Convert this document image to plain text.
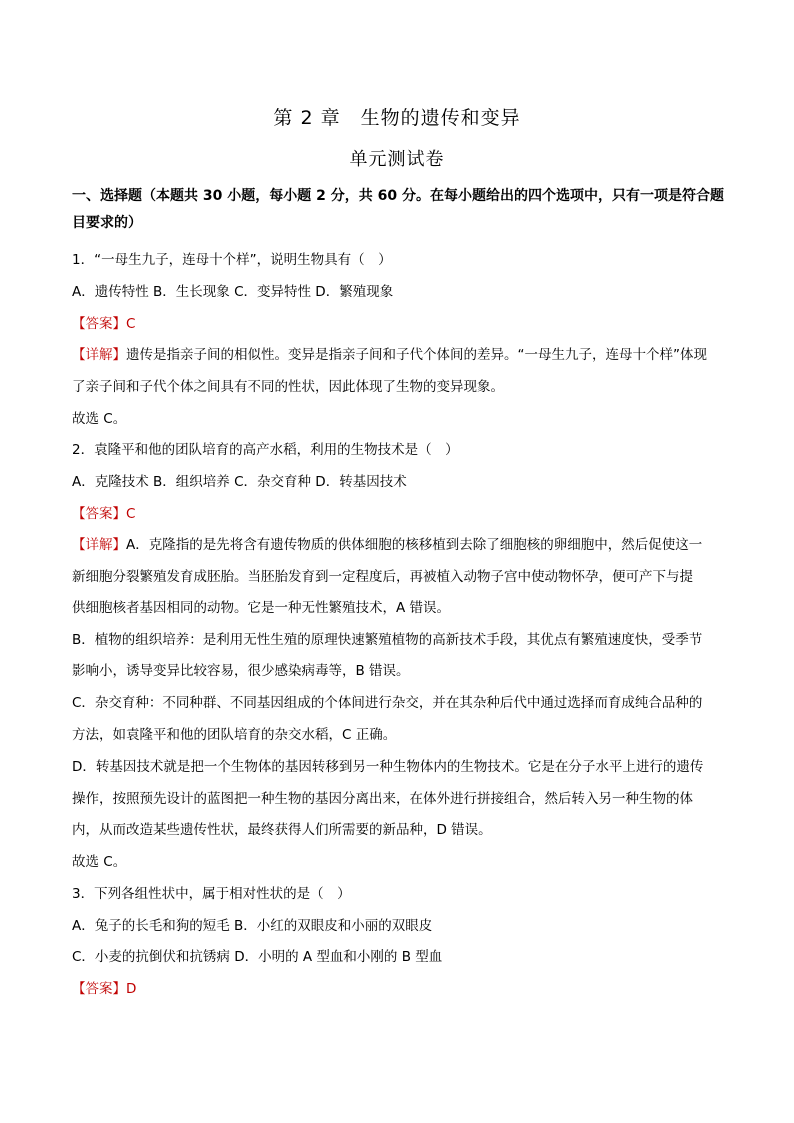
第 2 章　生物的遗传和变异
单元测试卷
一、选择题（本题共 30 小题，每小题 2 分，共 60 分。在每小题给出的四个选项中，只有一项是符合题目要求的）
1．“一母生九子，连母十个样”，说明生物具有（　）
A．遗传特性 B．生长现象 C．变异特性 D．繁殖现象
【答案】C
【详解】遗传是指亲子间的相似性。变异是指亲子间和子代个体间的差异。“一母生九子，连母十个样”体现
了亲子间和子代个体之间具有不同的性状，因此体现了生物的变异现象。
故选 C。
2．袁隆平和他的团队培育的高产水稻，利用的生物技术是（　）
A．克隆技术 B．组织培养 C．杂交育种 D．转基因技术
【答案】C
【详解】A．克隆指的是先将含有遗传物质的供体细胞的核移植到去除了细胞核的卵细胞中，然后促使这一
新细胞分裂繁殖发育成胚胎。当胚胎发育到一定程度后，再被植入动物子宫中使动物怀孕，便可产下与提
供细胞核者基因相同的动物。它是一种无性繁殖技术，A 错误。
B．植物的组织培养：是利用无性生殖的原理快速繁殖植物的高新技术手段，其优点有繁殖速度快，受季节
影响小，诱导变异比较容易，很少感染病毒等，B 错误。
C．杂交育种：不同种群、不同基因组成的个体间进行杂交，并在其杂种后代中通过选择而育成纯合品种的
方法，如袁隆平和他的团队培育的杂交水稻，C 正确。
D．转基因技术就是把一个生物体的基因转移到另一种生物体内的生物技术。它是在分子水平上进行的遗传
操作，按照预先设计的蓝图把一种生物的基因分离出来，在体外进行拼接组合，然后转入另一种生物的体
内，从而改造某些遗传性状，最终获得人们所需要的新品种，D 错误。
故选 C。
3．下列各组性状中，属于相对性状的是（　）
A．兔子的长毛和狗的短毛 B．小红的双眼皮和小丽的双眼皮
C．小麦的抗倒伏和抗锈病 D．小明的 A 型血和小刚的 B 型血
【答案】D
